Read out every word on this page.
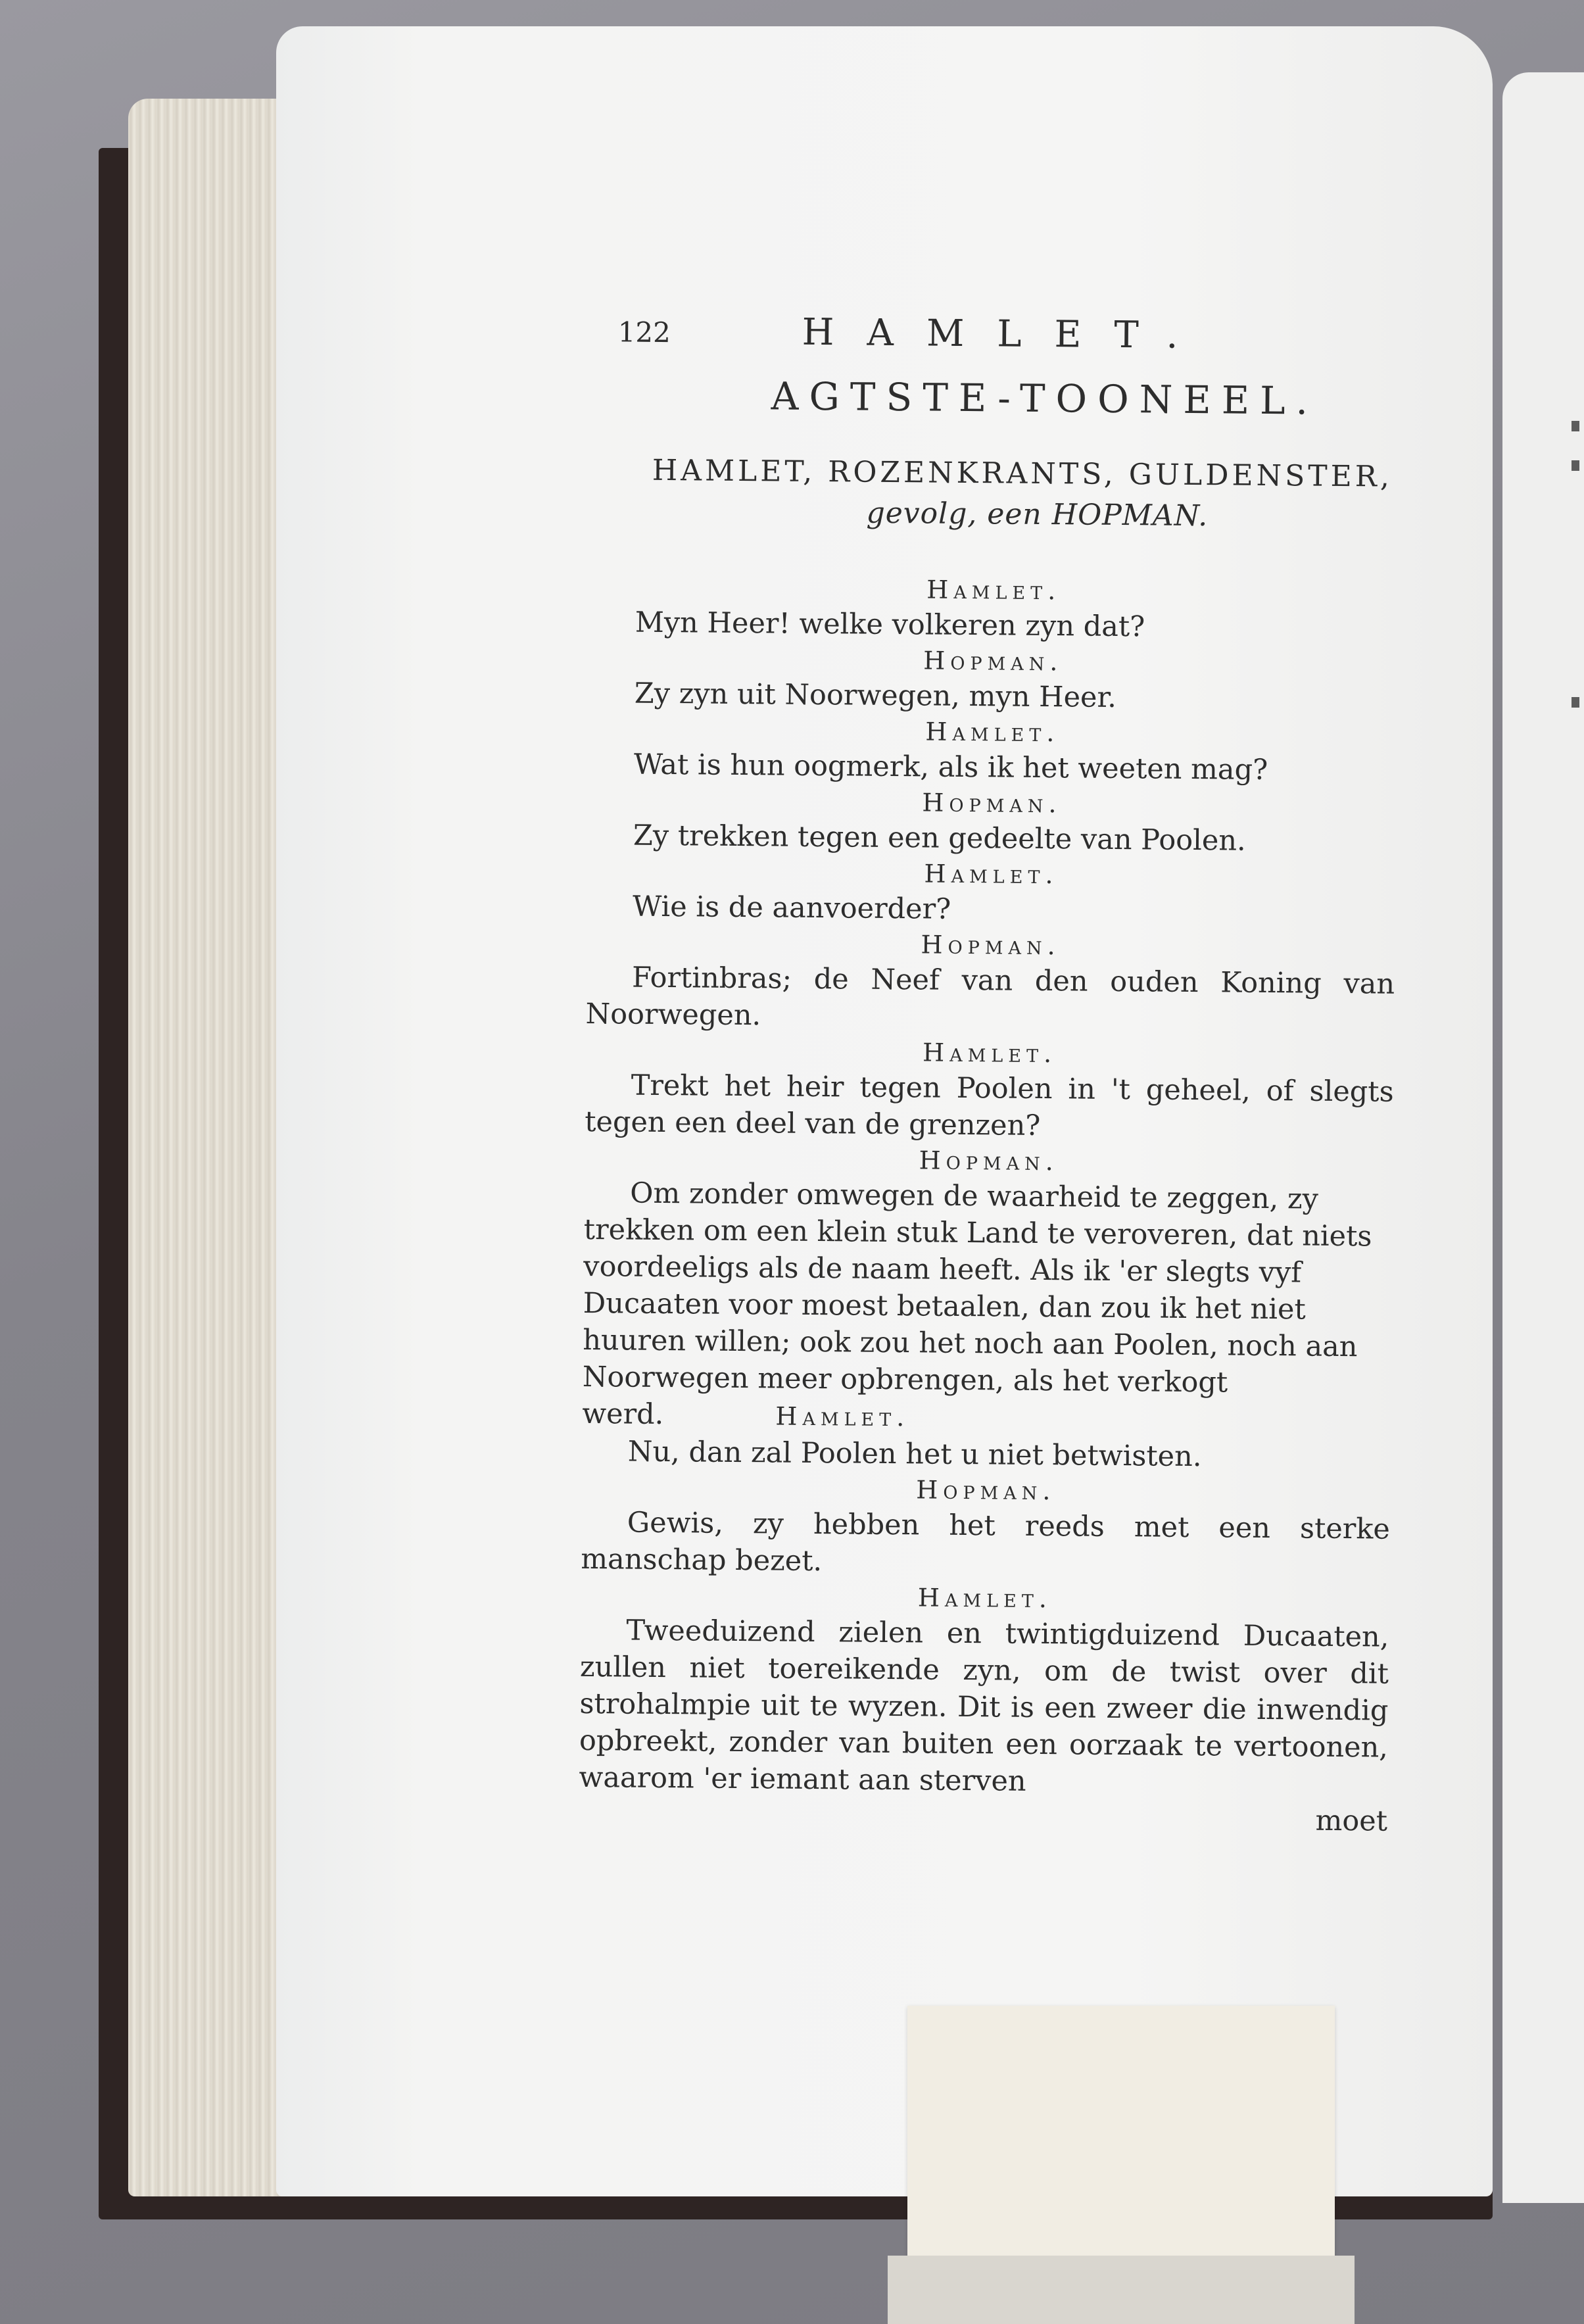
122	HAMLET.
AGTSTE-TOONEEL.
HAMLET, ROZENKRANTS, GULDENSTER,
gevolg, een HOPMAN.
Hamlet.
Myn Heer! welke volkeren zyn dat?
Hopman.
Zy zyn uit Noorwegen, myn Heer.
Hamlet.
Wat is hun oogmerk, als ik het weeten mag?
Hopman.
Zy trekken tegen een gedeelte van Poolen.
Hamlet.
Wie is de aanvoerder?
Hopman.
Fortinbras; de Neef van den ouden Koning van Noorwegen.
Hamlet.
Trekt het heir tegen Poolen in 't geheel, of slegts tegen een deel van de grenzen?
Hopman.
Om zonder omwegen de waarheid te zeggen, zy trekken om een klein stuk Land te veroveren, dat niets voordeeligs als de naam heeft. Als ik 'er slegts vyf Ducaaten voor moest betaalen, dan zou ik het niet huuren willen; ook zou het noch aan Poolen, noch aan Noorwegen meer opbrengen, als het verkogt werd.	Hamlet.
Nu, dan zal Poolen het u niet betwisten.
Hopman.
Gewis, zy hebben het reeds met een sterke manschap bezet.
Hamlet.
Tweeduizend zielen en twintigduizend Ducaaten, zullen niet toereikende zyn, om de twist over dit strohalmpie uit te wyzen. Dit is een zweer die inwendig opbreekt, zonder van buiten een oorzaak te vertoonen, waarom 'er iemant aan sterven
moet
